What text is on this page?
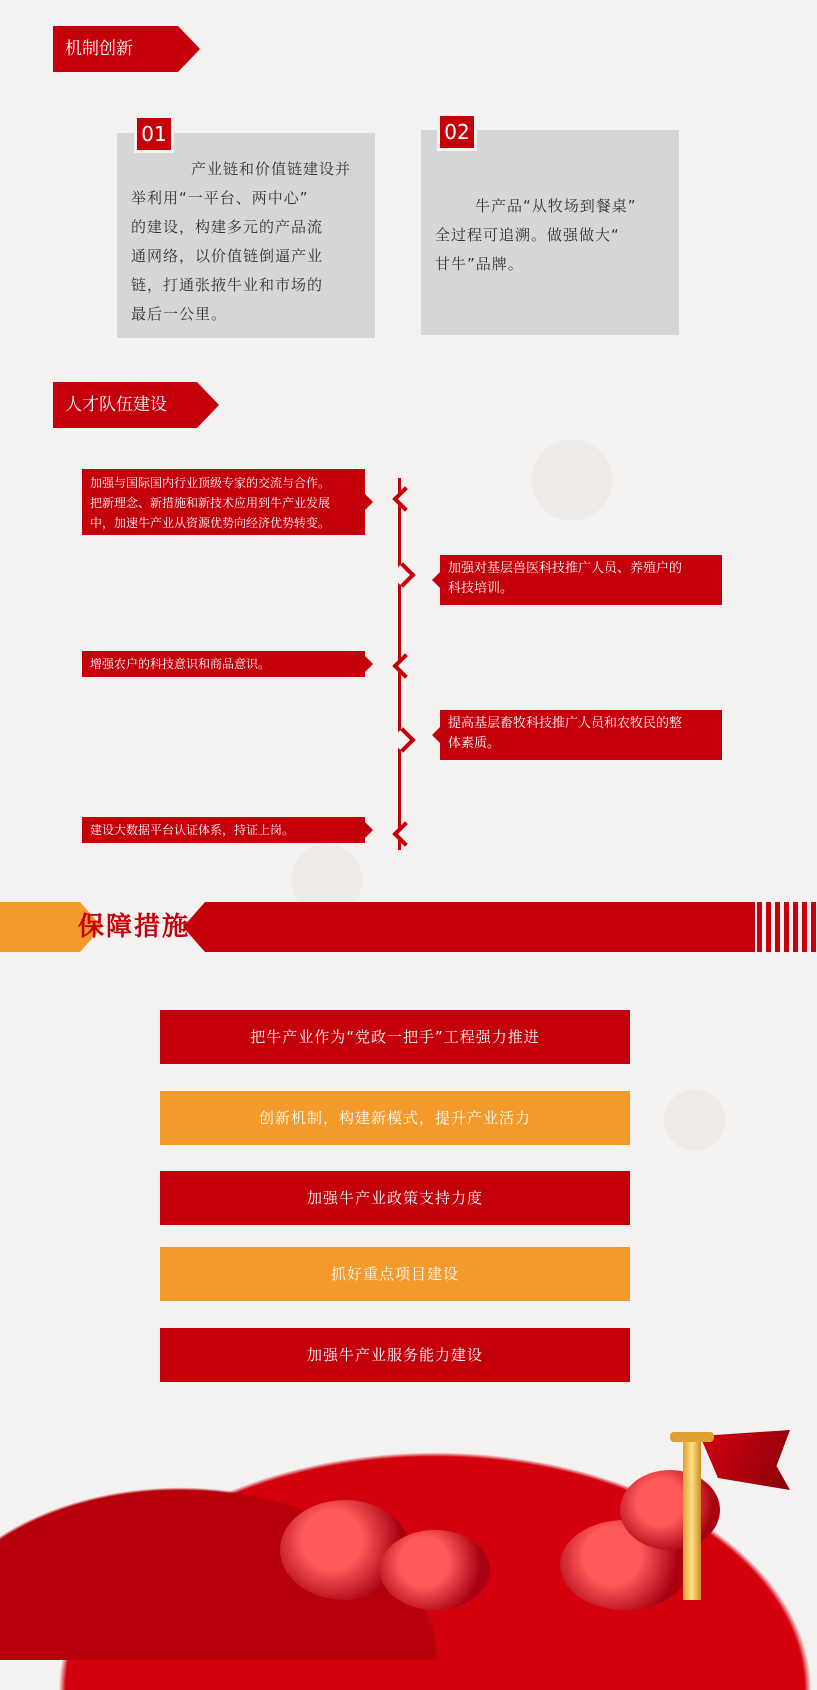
机制创新
产业链和价值链建设并
举利用“一平台、两中心”
的建设，构建多元的产品流
通网络，以价值链倒逼产业
链，打通张掖牛业和市场的
最后一公里。
01
牛产品“从牧场到餐桌”
全过程可追溯。做强做大“
甘牛”品牌。
02
人才队伍建设
加强与国际国内行业顶级专家的交流与合作。
把新理念、新措施和新技术应用到牛产业发展
中，加速牛产业从资源优势向经济优势转变。
加强对基层兽医科技推广人员、养殖户的
科技培训。
增强农户的科技意识和商品意识。
提高基层畜牧科技推广人员和农牧民的整
体素质。
建设大数据平台认证体系，持证上岗。
保障措施
把牛产业作为“党政一把手”工程强力推进
创新机制，构建新模式，提升产业活力
加强牛产业政策支持力度
抓好重点项目建设
加强牛产业服务能力建设
